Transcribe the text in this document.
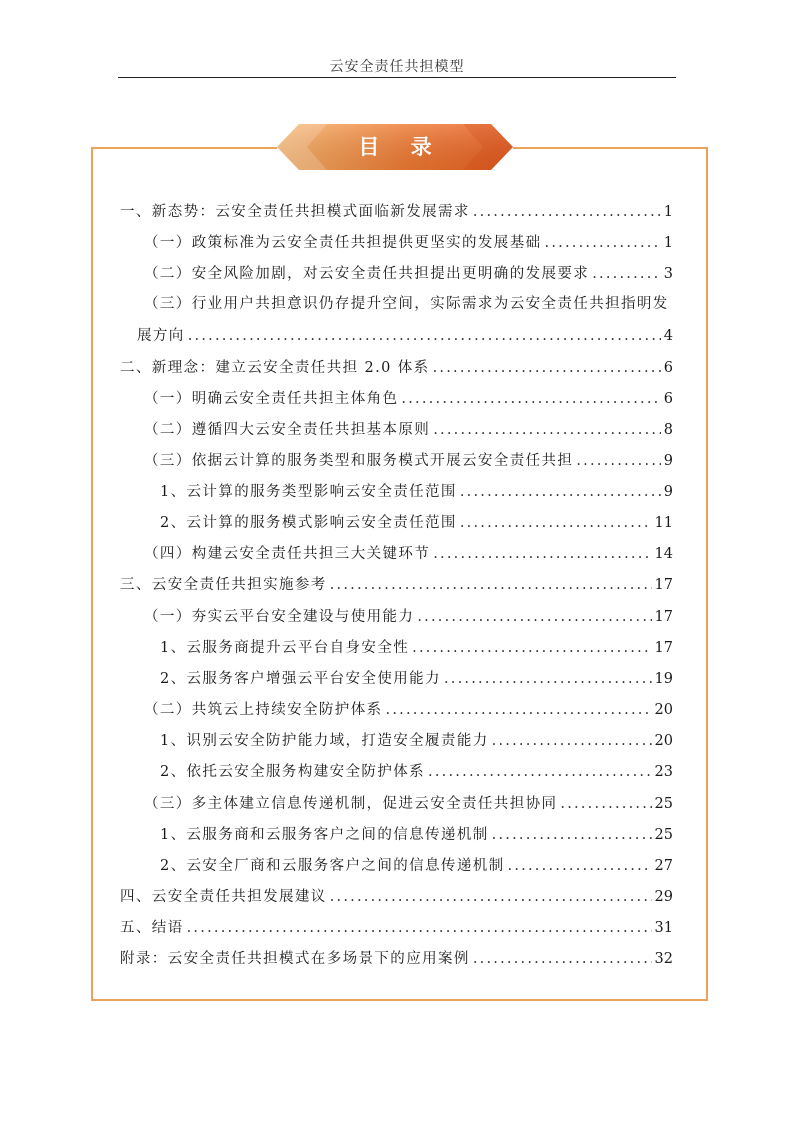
云安全责任共担模型
目 录
一、新态势：云安全责任共担模式面临新发展需求 . . .	1
（一）政策标准为云安全责任共担提供更坚实的发展基础 . . .	1
（二）安全风险加剧，对云安全责任共担提出更明确的发展要求 . . .	3
（三）行业用户共担意识仍存提升空间，实际需求为云安全责任共担指明发
展方向 . . .	4
二、新理念：建立云安全责任共担 2.0 体系 . . .	6
（一）明确云安全责任共担主体角色 . . .	6
（二）遵循四大云安全责任共担基本原则 . . .	8
（三）依据云计算的服务类型和服务模式开展云安全责任共担 . . .	9
1、云计算的服务类型影响云安全责任范围 . . .	9
2、云计算的服务模式影响云安全责任范围 . . .	11
（四）构建云安全责任共担三大关键环节 . . .	14
三、云安全责任共担实施参考 . . .	17
（一）夯实云平台安全建设与使用能力 . . .	17
1、云服务商提升云平台自身安全性 . . .	17
2、云服务客户增强云平台安全使用能力 . . .	19
（二）共筑云上持续安全防护体系 . . .	20
1、识别云安全防护能力域，打造安全履责能力 . . .	20
2、依托云安全服务构建安全防护体系 . . .	23
（三）多主体建立信息传递机制，促进云安全责任共担协同 . . .	25
1、云服务商和云服务客户之间的信息传递机制 . . .	25
2、云安全厂商和云服务客户之间的信息传递机制 . . .	27
四、云安全责任共担发展建议 . . .	29
五、结语 . . .	31
附录：云安全责任共担模式在多场景下的应用案例 . . .	32
